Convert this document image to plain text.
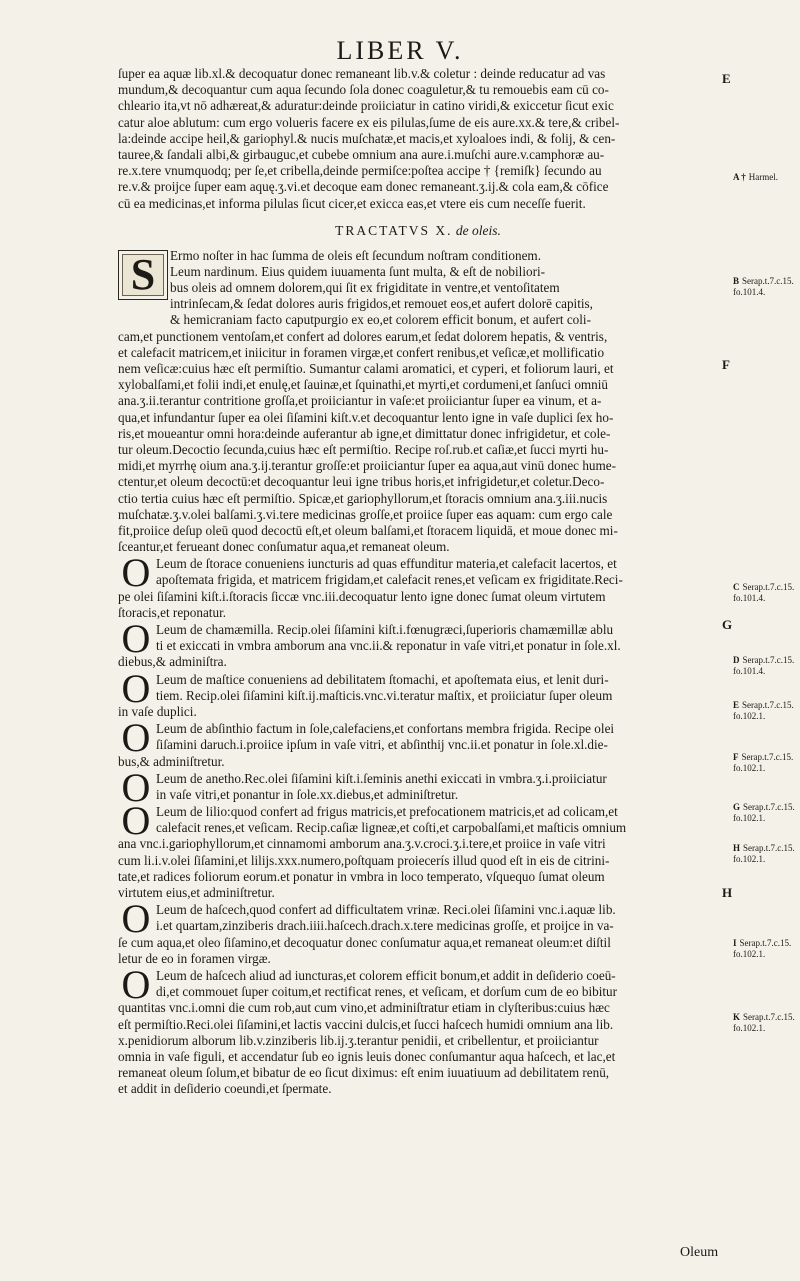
LIBER V.
ſuper ea aquæ lib.xl.& decoquatur donec remaneant lib.v.& coletur : deinde reducatur ad vas
mundum,& decoquantur cum aqua ſecundo ſola donec coaguletur,& tu remouebis eam cū co-
chleario ita,vt nō adhæreat,& aduratur:deinde proiiciatur in catino viridi,& exiccetur ſicut exic
catur aloe ablutum: cum ergo volueris facere ex eis pilulas,ſume de eis aure.xx.& tere,& cribel-
la:deinde accipe heil,& gariophyl.& nucis muſchatæ,et macis,et xyloaloes indi, & folij, & cen-
tauree,& ſandali albi,& girbauguc,et cubebe omnium ana aure.i.muſchi aure.v.camphoræ au-
re.x.tere vnumquodq; per ſe,et cribella,deinde permiſce:poſtea accipe † {remiſk} ſecundo au
re.v.& proijce ſuper eam aquę.ʒ.vi.et decoque eam donec remaneant.ʒ.ij.& cola eam,& cōfice
cū ea medicinas,et informa pilulas ſicut cicer,et exicca eas,et vtere eis cum neceſſe fuerit.
TRACTATVS X. de oleis.
S	Ermo noſter in hac ſumma de oleis eſt ſecundum noſtram conditionem.
Leum nardinum. Eius quidem iuuamenta ſunt multa, & eſt de nobiliori-
bus oleis ad omnem dolorem,qui ſit ex frigiditate in ventre,et ventoſitatem
intrinſecam,& ſedat dolores auris frigidos,et remouet eos,et aufert dolorē capitis,
& hemicraniam facto caputpurgio ex eo,et colorem efficit bonum, et aufert coli-
cam,et punctionem ventoſam,et confert ad dolores earum,et ſedat dolorem hepatis, & ventris,
et calefacit matricem,et iniicitur in foramen virgæ,et confert renibus,et veſicæ,et mollificatio
nem veſicæ:cuius hæc eſt permiſtio. Sumantur calami aromatici, et cyperi, et foliorum lauri, et
xylobalſami,et folii indi,et enulę,et ſauinæ,et ſquinathi,et myrti,et cordumeni,et ſanſuci omniū
ana.ʒ.ii.terantur contritione groſſa,et proiiciantur in vaſe:et proiiciantur ſuper ea vinum, et a-
qua,et infundantur ſuper ea olei ſiſamini kiſt.v.et decoquantur lento igne in vaſe duplici ſex ho-
ris,et moueantur omni hora:deinde auferantur ab igne,et dimittatur donec infrigidetur, et cole-
tur oleum.Decoctio ſecunda,cuius hæc eſt permiſtio. Recipe roſ.rub.et caſiæ,et ſucci myrti hu-
midi,et myrrhę oium ana.ʒ.ij.terantur groſſe:et proiiciantur ſuper ea aqua,aut vinū donec hume-
ctentur,et oleum decoctū:et decoquantur leui igne tribus horis,et infrigidetur,et coletur.Deco-
ctio tertia cuius hæc eſt permiſtio. Spicæ,et gariophyllorum,et ſtoracis omnium ana.ʒ.iii.nucis
muſchatæ.ʒ.v.olei balſami.ʒ.vi.tere medicinas groſſe,et proiice ſuper eas aquam: cum ergo cale
fit,proiice deſup oleū quod decoctū eſt,et oleum balſami,et ſtoracem liquidā, et moue donec mi-
ſceantur,et ferueant donec conſumatur aqua,et remaneat oleum.
O Leum de ſtorace conueniens iuncturis ad quas effunditur materia,et calefacit lacertos, et
apoſtemata frigida, et matricem frigidam,et calefacit renes,et veſicam ex frigiditate.Reci-
pe olei ſiſamini kiſt.i.ſtoracis ſiccæ vnc.iii.decoquatur lento igne donec ſumat oleum virtutem
ſtoracis,et reponatur.
O Leum de chamæmilla. Recip.olei ſiſamini kiſt.i.fœnugræci,ſuperioris chamæmillæ ablu
ti et exiccati in vmbra amborum ana vnc.ii.& reponatur in vaſe vitri,et ponatur in ſole.xl.
diebus,& adminiſtra.
O Leum de maſtice conueniens ad debilitatem ſtomachi, et apoſtemata eius, et lenit duri-
tiem. Recip.olei ſiſamini kiſt.ij.maſticis.vnc.vi.teratur maſtix, et proiiciatur ſuper oleum
in vaſe duplici.
O Leum de abſinthio factum in ſole,calefaciens,et confortans membra frigida. Recipe olei
ſiſamini daruch.i.proiice ipſum in vaſe vitri, et abſinthij vnc.ii.et ponatur in ſole.xl.die-
bus,& adminiſtretur.
O Leum de anetho.Rec.olei ſiſamini kiſt.i.ſeminis anethi exiccati in vmbra.ʒ.i.proiiciatur
in vaſe vitri,et ponantur in ſole.xx.diebus,et adminiſtretur.
O Leum de lilio:quod confert ad frigus matricis,et prefocationem matricis,et ad colicam,et
calefacit renes,et veſicam. Recip.caſiæ ligneæ,et coſti,et carpobalſami,et maſticis omnium
ana vnc.i.gariophyllorum,et cinnamomi amborum ana.ʒ.v.croci.ʒ.i.tere,et proiice in vaſe vitri
cum li.i.v.olei ſiſamini,et lilijs.xxx.numero,poſtquam proiecerís illud quod eſt in eis de citrini-
tate,et radices foliorum eorum.et ponatur in vmbra in loco temperato, vſquequo ſumat oleum
virtutem eius,et adminiſtretur.
O Leum de haſcech,quod confert ad difficultatem vrinæ. Reci.olei ſiſamini vnc.i.aquæ lib.
i.et quartam,zinziberis drach.iiii.haſcech.drach.x.tere medicinas groſſe, et proijce in va-
ſe cum aqua,et oleo ſiſamino,et decoquatur donec conſumatur aqua,et remaneat oleum:et diſtil
letur de eo in foramen virgæ.
O Leum de haſcech aliud ad iuncturas,et colorem efficit bonum,et addit in deſiderio coeū-
di,et commouet ſuper coitum,et rectificat renes, et veſicam, et dorſum cum de eo bibitur
quantitas vnc.i.omni die cum rob,aut cum vino,et adminiſtratur etiam in clyſteribus:cuius hæc
eſt permiſtio.Reci.olei ſiſamini,et lactis vaccini dulcis,et ſucci haſcech humidi omnium ana lib.
x.penidiorum alborum lib.v.zinziberis lib.ij.ʒ.terantur penidii, et cribellentur, et proiiciantur
omnia in vaſe figuli, et accendatur ſub eo ignis leuis donec conſumantur aqua haſcech, et lac,et
remaneat oleum ſolum,et bibatur de eo ſicut diximus: eſt enim iuuatiuum ad debilitatem renū,
et addit in deſiderio coeundi,et ſpermate.
E
F
G
H
A † Harmel.
B Serap.t.7.c.15.
fo.101.4.
C Serap.t.7.c.15.
fo.101.4.
D Serap.t.7.c.15.
fo.101.4.
E Serap.t.7.c.15.
fo.102.1.
F Serap.t.7.c.15.
fo.102.1.
G Serap.t.7.c.15.
fo.102.1.
H Serap.t.7.c.15.
fo.102.1.
I Serap.t.7.c.15.
fo.102.1.
K Serap.t.7.c.15.
fo.102.1.
Oleum
